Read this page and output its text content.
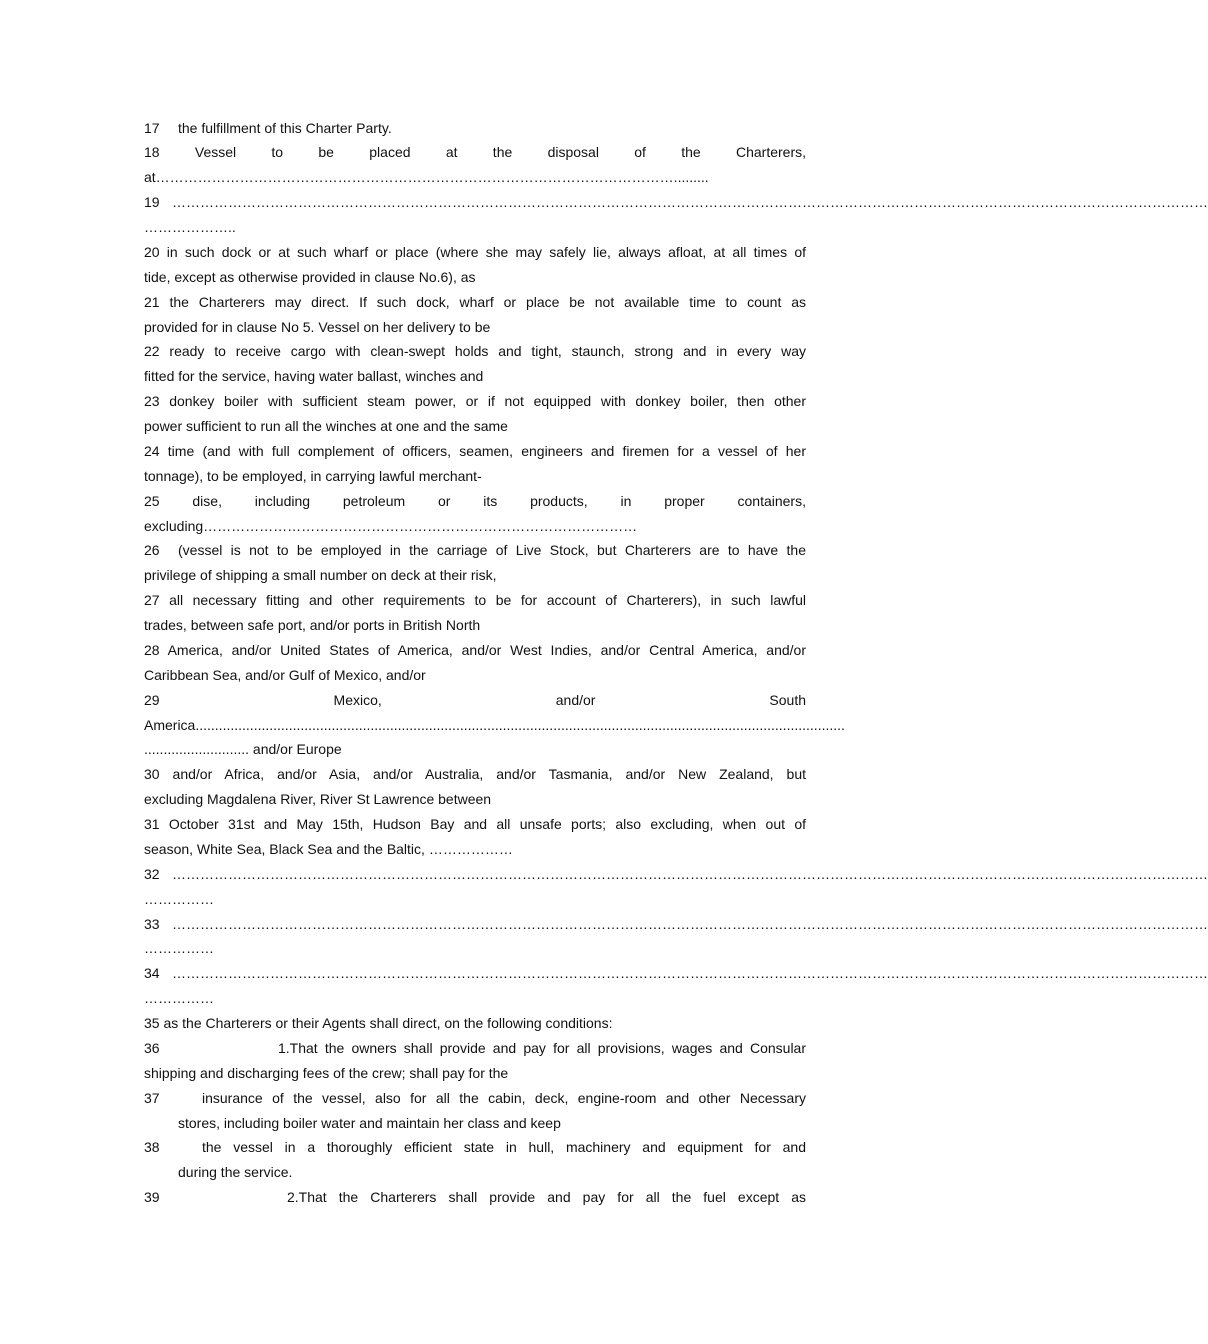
17	the fulfillment of this Charter Party.
18 Vessel to be placed at the disposal of the Charterers,
at………………………………………………………………………………………………….........
19 ……………………………………………………………………………………………………………………………………………………………………………………………………
………………..
20 in such dock or at such wharf or place (where she may safely lie, always afloat, at all times of
tide, except as otherwise provided in clause No.6), as
21 the Charterers may direct. If such dock, wharf or place be not available time to count as
provided for in clause No 5. Vessel on her delivery to be
22 ready to receive cargo with clean-swept holds and tight, staunch, strong and in every way
fitted for the service, having water ballast, winches and
23 donkey boiler with sufficient steam power, or if not equipped with donkey boiler, then other
power sufficient to run all the winches at one and the same
24 time (and with full complement of officers, seamen, engineers and firemen for a vessel of her
tonnage), to be employed, in carrying lawful merchant-
25 dise, including petroleum or its products, in proper containers,
excluding…………………………………………………………………………………
26	(vessel is not to be employed in the carriage of Live Stock, but Charterers are to have the
privilege of shipping a small number on deck at their risk,
27 all necessary fitting and other requirements to be for account of Charterers), in such lawful
trades, between safe port, and/or ports in British North
28 America, and/or United States of America, and/or West Indies, and/or Central America, and/or
Caribbean Sea, and/or Gulf of Mexico, and/or
29 Mexico, and/or South
America.......................................................................................................................................................................
........................... and/or Europe
30 and/or Africa, and/or Asia, and/or Australia, and/or Tasmania, and/or New Zealand, but
excluding Magdalena River, River St Lawrence between
31 October 31st and May 15th, Hudson Bay and all unsafe ports; also excluding, when out of
season, White Sea, Black Sea and the Baltic, ………………
32 ……………………………………………………………………………………………………………………………………………………………………………………………………
……………
33 ……………………………………………………………………………………………………………………………………………………………………………………………………
……………
34 ……………………………………………………………………………………………………………………………………………………………………………………………………
……………
35 as the Charterers or their Agents shall direct, on the following conditions:
36	1.That the owners shall provide and pay for all provisions, wages and Consular
shipping and discharging fees of the crew; shall pay for the
37	insurance of the vessel, also for all the cabin, deck, engine-room and other Necessary
stores, including boiler water and maintain her class and keep
38	the vessel in a thoroughly efficient state in hull, machinery and equipment for and
during the service.
39	2.That the Charterers shall provide and pay for all the fuel except as
